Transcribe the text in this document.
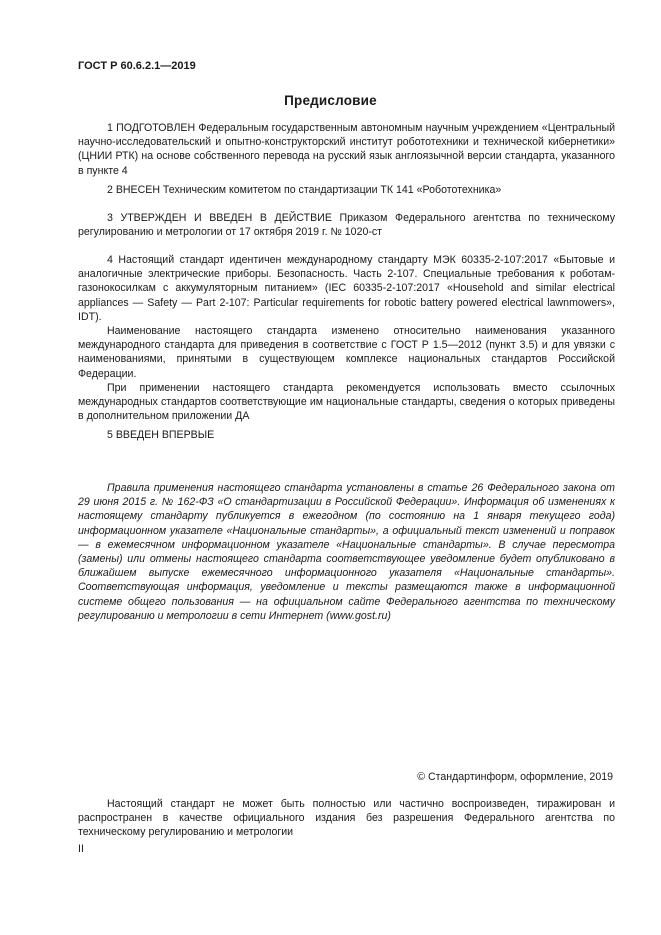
ГОСТ Р 60.6.2.1—2019
Предисловие

1 ПОДГОТОВЛЕН Федеральным государственным автономным научным учреждением «Центральный научно-исследовательский и опытно-конструкторский институт робототехники и технической кибернетики» (ЦНИИ РТК) на основе собственного перевода на русский язык англоязычной версии стандарта, указанного в пункте 4

2 ВНЕСЕН Техническим комитетом по стандартизации ТК 141 «Робототехника»

3 УТВЕРЖДЕН И ВВЕДЕН В ДЕЙСТВИЕ Приказом Федерального агентства по техническому регулированию и метрологии от 17 октября 2019 г. № 1020-ст

4 Настоящий стандарт идентичен международному стандарту МЭК 60335-2-107:2017 «Бытовые и аналогичные электрические приборы. Безопасность. Часть 2-107. Специальные требования к роботам-газонокосилкам с аккумуляторным питанием» (IEC 60335-2-107:2017 «Household and similar electrical appliances — Safety — Part 2-107: Particular requirements for robotic battery powered electrical lawnmowers», IDT).

Наименование настоящего стандарта изменено относительно наименования указанного международного стандарта для приведения в соответствие с ГОСТ Р 1.5—2012 (пункт 3.5) и для увязки с наименованиями, принятыми в существующем комплексе национальных стандартов Российской Федерации.

При применении настоящего стандарта рекомендуется использовать вместо ссылочных международных стандартов соответствующие им национальные стандарты, сведения о которых приведены в дополнительном приложении ДА

5 ВВЕДЕН ВПЕРВЫЕ

Правила применения настоящего стандарта установлены в статье 26 Федерального закона от 29 июня 2015 г. № 162-ФЗ «О стандартизации в Российской Федерации». Информация об изменениях к настоящему стандарту публикуется в ежегодном (по состоянию на 1 января текущего года) информационном указателе «Национальные стандарты», а официальный текст изменений и поправок — в ежемесячном информационном указателе «Национальные стандарты». В случае пересмотра (замены) или отмены настоящего стандарта соответствующее уведомление будет опубликовано в ближайшем выпуске ежемесячного информационного указателя «Национальные стандарты». Соответствующая информация, уведомление и тексты размещаются также в информационной системе общего пользования — на официальном сайте Федерального агентства по техническому регулированию и метрологии в сети Интернет (www.gost.ru)

© Стандартинформ, оформление, 2019
Настоящий стандарт не может быть полностью или частично воспроизведен, тиражирован и распространен в качестве официального издания без разрешения Федерального агентства по техническому регулированию и метрологии
II
